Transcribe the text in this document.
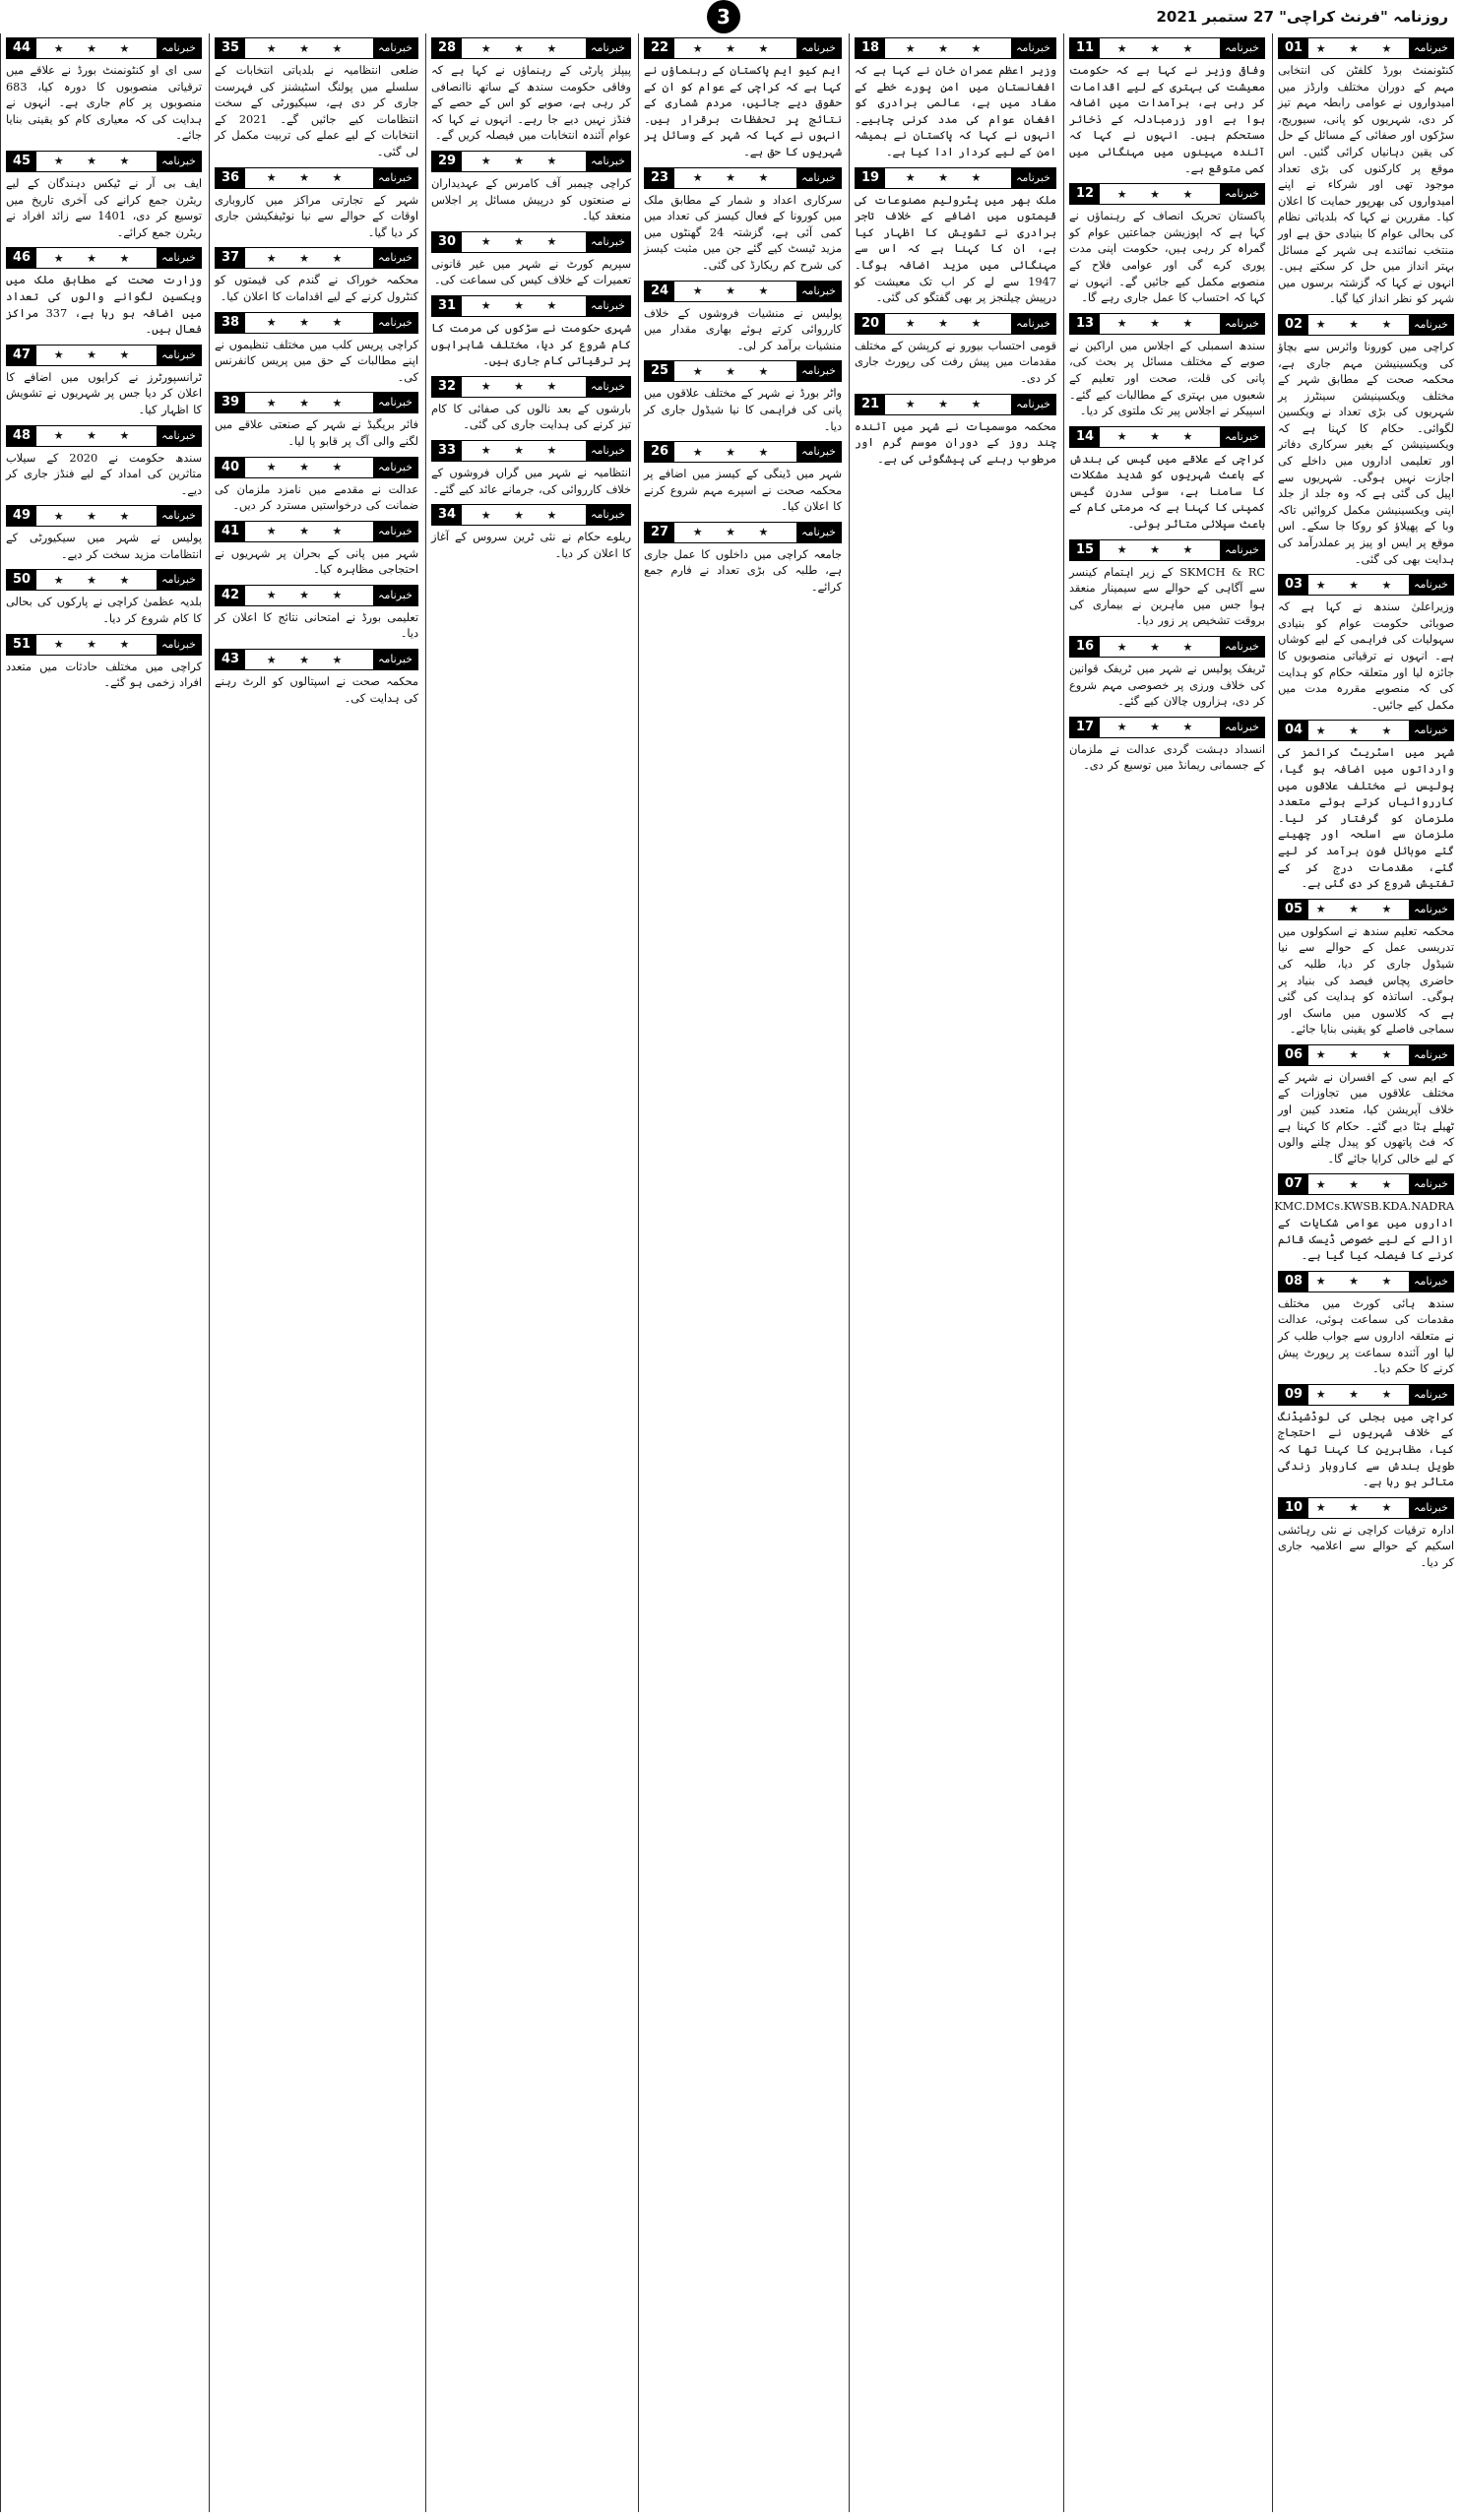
3	روزنامہ "فرنٹ کراچی" 27 ستمبر 2021
01	★ ★ ★	خبرنامہ
کنٹونمنٹ بورڈ کلفٹن کی انتخابی مہم کے دوران مختلف وارڈز میں امیدواروں نے عوامی رابطہ مہم تیز کر دی، شہریوں کو پانی، سیوریج، سڑکوں اور صفائی کے مسائل کے حل کی یقین دہانیاں کرائی گئیں۔ اس موقع پر کارکنوں کی بڑی تعداد موجود تھی اور شرکاء نے اپنے امیدواروں کی بھرپور حمایت کا اعلان کیا۔ مقررین نے کہا کہ بلدیاتی نظام کی بحالی عوام کا بنیادی حق ہے اور منتخب نمائندے ہی شہر کے مسائل بہتر انداز میں حل کر سکتے ہیں۔ انہوں نے کہا کہ گزشتہ برسوں میں شہر کو نظر انداز کیا گیا۔
02	★ ★ ★	خبرنامہ
کراچی میں کورونا وائرس سے بچاؤ کی ویکسینیشن مہم جاری ہے، محکمہ صحت کے مطابق شہر کے مختلف ویکسینیشن سینٹرز پر شہریوں کی بڑی تعداد نے ویکسین لگوائی۔ حکام کا کہنا ہے کہ ویکسینیشن کے بغیر سرکاری دفاتر اور تعلیمی اداروں میں داخلے کی اجازت نہیں ہوگی۔ شہریوں سے اپیل کی گئی ہے کہ وہ جلد از جلد اپنی ویکسینیشن مکمل کروائیں تاکہ وبا کے پھیلاؤ کو روکا جا سکے۔ اس موقع پر ایس او پیز پر عملدرآمد کی ہدایت بھی کی گئی۔
03	★ ★ ★	خبرنامہ
وزیراعلیٰ سندھ نے کہا ہے کہ صوبائی حکومت عوام کو بنیادی سہولیات کی فراہمی کے لیے کوشاں ہے۔ انہوں نے ترقیاتی منصوبوں کا جائزہ لیا اور متعلقہ حکام کو ہدایت کی کہ منصوبے مقررہ مدت میں مکمل کیے جائیں۔
04	★ ★ ★	خبرنامہ
شہر میں اسٹریٹ کرائمز کی وارداتوں میں اضافہ ہو گیا، پولیس نے مختلف علاقوں میں کارروائیاں کرتے ہوئے متعدد ملزمان کو گرفتار کر لیا۔ ملزمان سے اسلحہ اور چھینے گئے موبائل فون برآمد کر لیے گئے، مقدمات درج کر کے تفتیش شروع کر دی گئی ہے۔
05	★ ★ ★	خبرنامہ
محکمہ تعلیم سندھ نے اسکولوں میں تدریسی عمل کے حوالے سے نیا شیڈول جاری کر دیا، طلبہ کی حاضری پچاس فیصد کی بنیاد پر ہوگی۔ اساتذہ کو ہدایت کی گئی ہے کہ کلاسوں میں ماسک اور سماجی فاصلے کو یقینی بنایا جائے۔
06	★ ★ ★	خبرنامہ
کے ایم سی کے افسران نے شہر کے مختلف علاقوں میں تجاوزات کے خلاف آپریشن کیا، متعدد کیبن اور ٹھیلے ہٹا دیے گئے۔ حکام کا کہنا ہے کہ فٹ پاتھوں کو پیدل چلنے والوں کے لیے خالی کرایا جائے گا۔
07	★ ★ ★	خبرنامہ
KMC.DMCs.KWSB.KDA.NADRA اداروں میں عوامی شکایات کے ازالے کے لیے خصوصی ڈیسک قائم کرنے کا فیصلہ کیا گیا ہے۔
08	★ ★ ★	خبرنامہ
سندھ ہائی کورٹ میں مختلف مقدمات کی سماعت ہوئی، عدالت نے متعلقہ اداروں سے جواب طلب کر لیا اور آئندہ سماعت پر رپورٹ پیش کرنے کا حکم دیا۔
09	★ ★ ★	خبرنامہ
کراچی میں بجلی کی لوڈشیڈنگ کے خلاف شہریوں نے احتجاج کیا، مظاہرین کا کہنا تھا کہ طویل بندش سے کاروبار زندگی متاثر ہو رہا ہے۔
10	★ ★ ★	خبرنامہ
ادارہ ترقیات کراچی نے نئی رہائشی اسکیم کے حوالے سے اعلامیہ جاری کر دیا۔
11	★ ★ ★	خبرنامہ
وفاقی وزیر نے کہا ہے کہ حکومت معیشت کی بہتری کے لیے اقدامات کر رہی ہے، برآمدات میں اضافہ ہوا ہے اور زرمبادلہ کے ذخائر مستحکم ہیں۔ انہوں نے کہا کہ آئندہ مہینوں میں مہنگائی میں کمی متوقع ہے۔
12	★ ★ ★	خبرنامہ
پاکستان تحریک انصاف کے رہنماؤں نے کہا ہے کہ اپوزیشن جماعتیں عوام کو گمراہ کر رہی ہیں، حکومت اپنی مدت پوری کرے گی اور عوامی فلاح کے منصوبے مکمل کیے جائیں گے۔ انہوں نے کہا کہ احتساب کا عمل جاری رہے گا۔
13	★ ★ ★	خبرنامہ
سندھ اسمبلی کے اجلاس میں اراکین نے صوبے کے مختلف مسائل پر بحث کی، پانی کی قلت، صحت اور تعلیم کے شعبوں میں بہتری کے مطالبات کیے گئے۔ اسپیکر نے اجلاس پیر تک ملتوی کر دیا۔
14	★ ★ ★	خبرنامہ
کراچی کے علاقے میں گیس کی بندش کے باعث شہریوں کو شدید مشکلات کا سامنا ہے، سوئی سدرن گیس کمپنی کا کہنا ہے کہ مرمتی کام کے باعث سپلائی متاثر ہوئی۔
15	★ ★ ★	خبرنامہ
SKMCH & RC کے زیر اہتمام کینسر سے آگاہی کے حوالے سے سیمینار منعقد ہوا جس میں ماہرین نے بیماری کی بروقت تشخیص پر زور دیا۔
16	★ ★ ★	خبرنامہ
ٹریفک پولیس نے شہر میں ٹریفک قوانین کی خلاف ورزی پر خصوصی مہم شروع کر دی، ہزاروں چالان کیے گئے۔
17	★ ★ ★	خبرنامہ
انسداد دہشت گردی عدالت نے ملزمان کے جسمانی ریمانڈ میں توسیع کر دی۔
18	★ ★ ★	خبرنامہ
وزیر اعظم عمران خان نے کہا ہے کہ افغانستان میں امن پورے خطے کے مفاد میں ہے، عالمی برادری کو افغان عوام کی مدد کرنی چاہیے۔ انہوں نے کہا کہ پاکستان نے ہمیشہ امن کے لیے کردار ادا کیا ہے۔
19	★ ★ ★	خبرنامہ
ملک بھر میں پٹرولیم مصنوعات کی قیمتوں میں اضافے کے خلاف تاجر برادری نے تشویش کا اظہار کیا ہے، ان کا کہنا ہے کہ اس سے مہنگائی میں مزید اضافہ ہوگا۔ 1947 سے لے کر اب تک معیشت کو درپیش چیلنجز پر بھی گفتگو کی گئی۔
20	★ ★ ★	خبرنامہ
قومی احتساب بیورو نے کرپشن کے مختلف مقدمات میں پیش رفت کی رپورٹ جاری کر دی۔
21	★ ★ ★	خبرنامہ
محکمہ موسمیات نے شہر میں آئندہ چند روز کے دوران موسم گرم اور مرطوب رہنے کی پیشگوئی کی ہے۔
22	★ ★ ★	خبرنامہ
ایم کیو ایم پاکستان کے رہنماؤں نے کہا ہے کہ کراچی کے عوام کو ان کے حقوق دیے جائیں، مردم شماری کے نتائج پر تحفظات برقرار ہیں۔ انہوں نے کہا کہ شہر کے وسائل پر شہریوں کا حق ہے۔
23	★ ★ ★	خبرنامہ
سرکاری اعداد و شمار کے مطابق ملک میں کورونا کے فعال کیسز کی تعداد میں کمی آئی ہے، گزشتہ 24 گھنٹوں میں مزید ٹیسٹ کیے گئے جن میں مثبت کیسز کی شرح کم ریکارڈ کی گئی۔
24	★ ★ ★	خبرنامہ
پولیس نے منشیات فروشوں کے خلاف کارروائی کرتے ہوئے بھاری مقدار میں منشیات برآمد کر لی۔
25	★ ★ ★	خبرنامہ
واٹر بورڈ نے شہر کے مختلف علاقوں میں پانی کی فراہمی کا نیا شیڈول جاری کر دیا۔
26	★ ★ ★	خبرنامہ
شہر میں ڈینگی کے کیسز میں اضافے پر محکمہ صحت نے اسپرے مہم شروع کرنے کا اعلان کیا۔
27	★ ★ ★	خبرنامہ
جامعہ کراچی میں داخلوں کا عمل جاری ہے، طلبہ کی بڑی تعداد نے فارم جمع کرائے۔
28	★ ★ ★	خبرنامہ
پیپلز پارٹی کے رہنماؤں نے کہا ہے کہ وفاقی حکومت سندھ کے ساتھ ناانصافی کر رہی ہے، صوبے کو اس کے حصے کے فنڈز نہیں دیے جا رہے۔ انہوں نے کہا کہ عوام آئندہ انتخابات میں فیصلہ کریں گے۔
29	★ ★ ★	خبرنامہ
کراچی چیمبر آف کامرس کے عہدیداران نے صنعتوں کو درپیش مسائل پر اجلاس منعقد کیا۔
30	★ ★ ★	خبرنامہ
سپریم کورٹ نے شہر میں غیر قانونی تعمیرات کے خلاف کیس کی سماعت کی۔
31	★ ★ ★	خبرنامہ
شہری حکومت نے سڑکوں کی مرمت کا کام شروع کر دیا، مختلف شاہراہوں پر ترقیاتی کام جاری ہیں۔
32	★ ★ ★	خبرنامہ
بارشوں کے بعد نالوں کی صفائی کا کام تیز کرنے کی ہدایت جاری کی گئی۔
33	★ ★ ★	خبرنامہ
انتظامیہ نے شہر میں گراں فروشوں کے خلاف کارروائی کی، جرمانے عائد کیے گئے۔
34	★ ★ ★	خبرنامہ
ریلوے حکام نے نئی ٹرین سروس کے آغاز کا اعلان کر دیا۔
35	★ ★ ★	خبرنامہ
ضلعی انتظامیہ نے بلدیاتی انتخابات کے سلسلے میں پولنگ اسٹیشنز کی فہرست جاری کر دی ہے، سیکیورٹی کے سخت انتظامات کیے جائیں گے۔ 2021 کے انتخابات کے لیے عملے کی تربیت مکمل کر لی گئی۔
36	★ ★ ★	خبرنامہ
شہر کے تجارتی مراکز میں کاروباری اوقات کے حوالے سے نیا نوٹیفکیشن جاری کر دیا گیا۔
37	★ ★ ★	خبرنامہ
محکمہ خوراک نے گندم کی قیمتوں کو کنٹرول کرنے کے لیے اقدامات کا اعلان کیا۔
38	★ ★ ★	خبرنامہ
کراچی پریس کلب میں مختلف تنظیموں نے اپنے مطالبات کے حق میں پریس کانفرنس کی۔
39	★ ★ ★	خبرنامہ
فائر بریگیڈ نے شہر کے صنعتی علاقے میں لگنے والی آگ پر قابو پا لیا۔
40	★ ★ ★	خبرنامہ
عدالت نے مقدمے میں نامزد ملزمان کی ضمانت کی درخواستیں مسترد کر دیں۔
41	★ ★ ★	خبرنامہ
شہر میں پانی کے بحران پر شہریوں نے احتجاجی مظاہرہ کیا۔
42	★ ★ ★	خبرنامہ
تعلیمی بورڈ نے امتحانی نتائج کا اعلان کر دیا۔
43	★ ★ ★	خبرنامہ
محکمہ صحت نے اسپتالوں کو الرٹ رہنے کی ہدایت کی۔
44	★ ★ ★	خبرنامہ
سی ای او کنٹونمنٹ بورڈ نے علاقے میں ترقیاتی منصوبوں کا دورہ کیا، 683 منصوبوں پر کام جاری ہے۔ انہوں نے ہدایت کی کہ معیاری کام کو یقینی بنایا جائے۔
45	★ ★ ★	خبرنامہ
ایف بی آر نے ٹیکس دہندگان کے لیے ریٹرن جمع کرانے کی آخری تاریخ میں توسیع کر دی، 1401 سے زائد افراد نے ریٹرن جمع کرائے۔
46	★ ★ ★	خبرنامہ
وزارت صحت کے مطابق ملک میں ویکسین لگوانے والوں کی تعداد میں اضافہ ہو رہا ہے، 337 مراکز فعال ہیں۔
47	★ ★ ★	خبرنامہ
ٹرانسپورٹرز نے کرایوں میں اضافے کا اعلان کر دیا جس پر شہریوں نے تشویش کا اظہار کیا۔
48	★ ★ ★	خبرنامہ
سندھ حکومت نے 2020 کے سیلاب متاثرین کی امداد کے لیے فنڈز جاری کر دیے۔
49	★ ★ ★	خبرنامہ
پولیس نے شہر میں سیکیورٹی کے انتظامات مزید سخت کر دیے۔
50	★ ★ ★	خبرنامہ
بلدیہ عظمیٰ کراچی نے پارکوں کی بحالی کا کام شروع کر دیا۔
51	★ ★ ★	خبرنامہ
کراچی میں مختلف حادثات میں متعدد افراد زخمی ہو گئے۔
